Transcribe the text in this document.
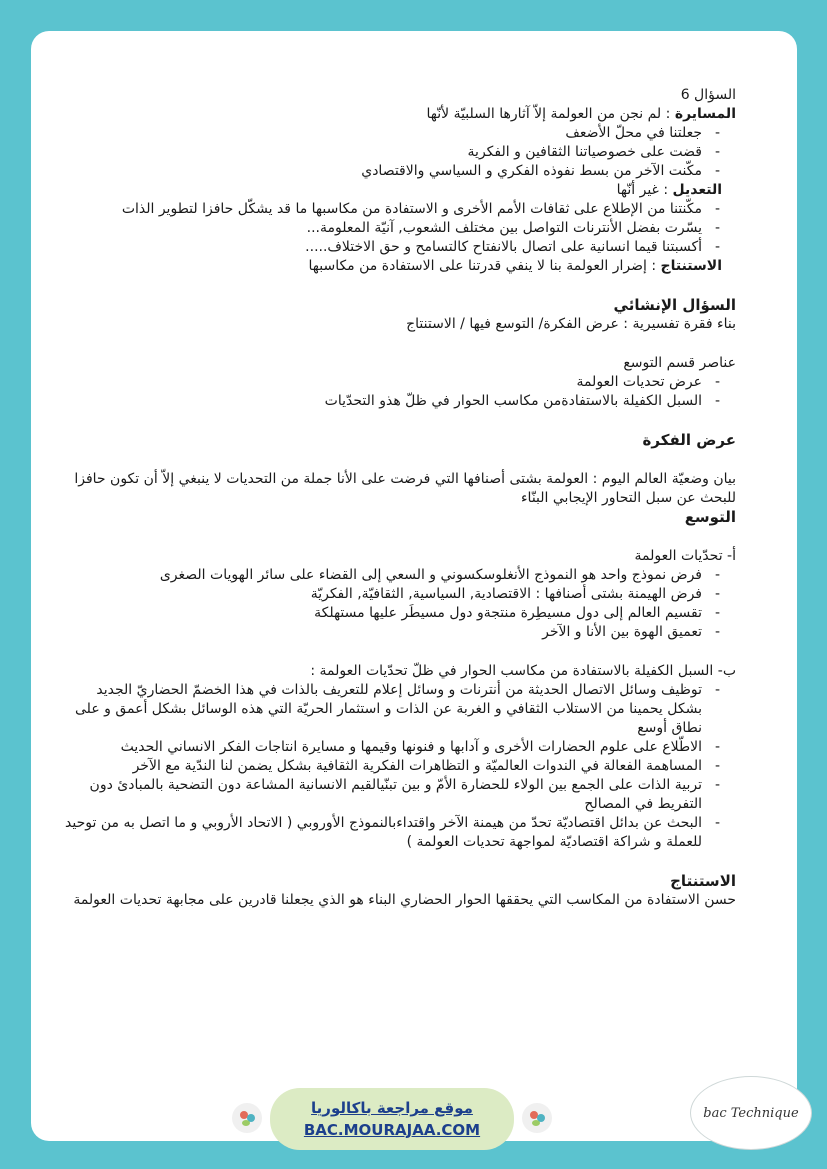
السؤال 6

المسايرة : لم نجن من العولمة إلاّ آثارها السلبيّة لأنّها

- جعلتنا في محلّ الأضعف
- قضت على خصوصياتنا الثقافين و الفكرية
- مكّنت الآخر من بسط نفوذه الفكري و السياسي والاقتصادي

التعديل : غير أنّها

- مكّنتنا من الإطلاع على ثقافات الأمم الأخرى و الاستفادة من مكاسبها ما قد يشكّل حافزا لتطوير الذات
- يسّرت بفضل الأنترنات التواصل بين مختلف الشعوب, آنيّة المعلومة...
- أكسبتنا قيما انسانية على اتصال بالانفتاح كالتسامح و حق الاختلاف.....

الاستنتاج : إضرار العولمة بنا لا ينفي قدرتنا على الاستفادة من مكاسبها

السؤال الإنشائي

بناء فقرة تفسيرية : عرض الفكرة/ التوسع فيها / الاستنتاج

عناصر قسم التوسع

- عرض تحديات العولمة
- السبل الكفيلة بالاستفادةمن مكاسب الحوار في ظلّ هذو التحدّيات

عرض الفكرة

بيان وضعيّة العالم اليوم : العولمة بشتى أصنافها التي فرضت على الأنا جملة من التحديات لا ينبغي إلاّ أن تكون حافزا للبحث عن سبل التحاور الإيجابي البنّاء

التوسع

أ- تحدّيات العولمة

- فرض نموذج واحد هو النموذج الأنغلوسكسوني و السعي إلى القضاء على سائر الهويات الصغرى
- فرض الهيمنة بشتى أصنافها : الاقتصادية, السياسية, الثقافيّة, الفكريّة
- تقسيم العالم إلى دول مسيطِرة منتجةو دول مسيطَر عليها مستهلكة
- تعميق الهوة بين الأنا و الآخر

ب- السبل الكفيلة بالاستفادة من مكاسب الحوار في ظلّ تحدّيات العولمة :

- توظيف وسائل الاتصال الحديثة من أنترنات و وسائل إعلام للتعريف بالذات في هذا الخضمّ الحضاريّ الجديد بشكل يحمينا من الاستلاب الثقافي و الغربة عن الذات و استثمار الحريّة التي هذه الوسائل بشكل أعمق و على نطاق أوسع
- الاطّلاع على علوم الحضارات الأخرى و آدابها و فنونها وقيمها و مسايرة انتاجات الفكر الانساني الحديث
- المساهمة الفعالة في الندوات العالميّة و التظاهرات الفكرية الثقافية بشكل يضمن لنا الندّية مع الآخر
- تربية الذات على الجمع بين الولاء للحضارة الأمّ و بين تبنّيالقيم الانسانية المشاعة دون التضحية بالمبادئ دون التفريط في المصالح
- البحث عن بدائل اقتصاديّة تحدّ من هيمنة الآخر واقتداءبالنموذج الأوروبي ( الاتحاد الأروبي و ما اتصل به من توحيد للعملة و شراكة اقتصاديّة لمواجهة تحديات العولمة )

الاستنتاج

حسن الاستفادة من المكاسب التي يحققها الحوار الحضاري البناء هو الذي يجعلنا قادرين على مجابهة تحديات العولمة

موقع مراجعة باكالوريا
BAC.MOURAJAA.COM
bac Technique
